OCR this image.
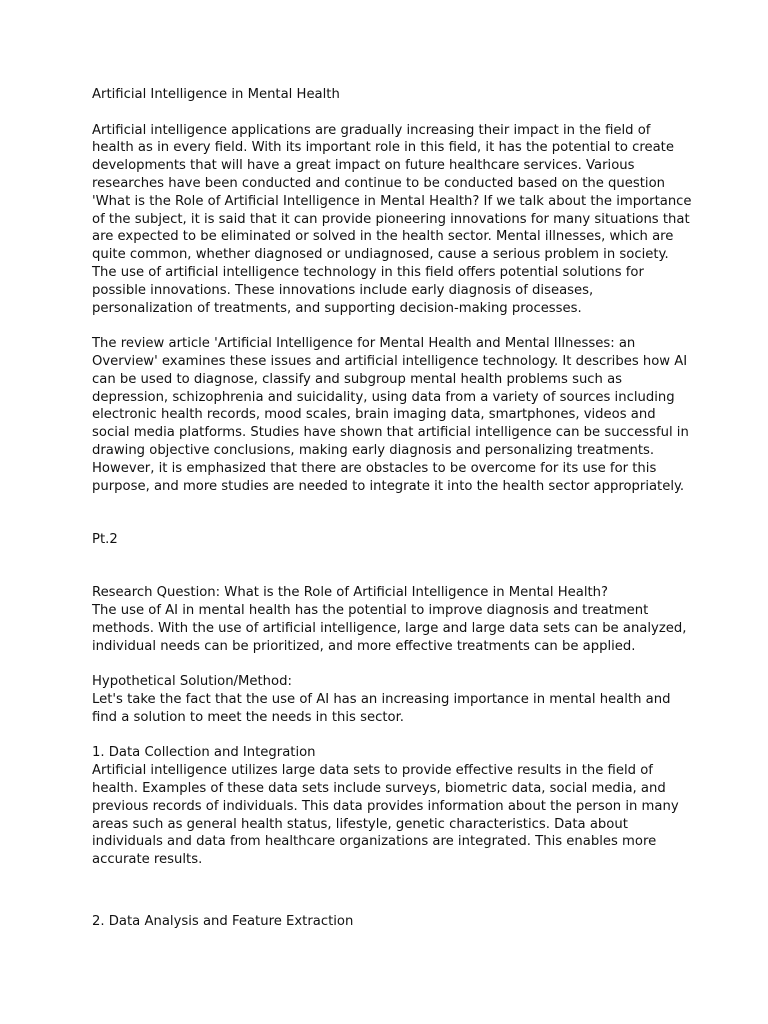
Artificial Intelligence in Mental Health

Artificial intelligence applications are gradually increasing their impact in the field of health as in every field. With its important role in this field, it has the potential to create developments that will have a great impact on future healthcare services. Various researches have been conducted and continue to be conducted based on the question 'What is the Role of Artificial Intelligence in Mental Health? If we talk about the importance of the subject, it is said that it can provide pioneering innovations for many situations that are expected to be eliminated or solved in the health sector. Mental illnesses, which are quite common, whether diagnosed or undiagnosed, cause a serious problem in society. The use of artificial intelligence technology in this field offers potential solutions for possible innovations. These innovations include early diagnosis of diseases, personalization of treatments, and supporting decision-making processes.

The review article 'Artificial Intelligence for Mental Health and Mental Illnesses: an Overview' examines these issues and artificial intelligence technology. It describes how AI can be used to diagnose, classify and subgroup mental health problems such as depression, schizophrenia and suicidality, using data from a variety of sources including electronic health records, mood scales, brain imaging data, smartphones, videos and social media platforms. Studies have shown that artificial intelligence can be successful in drawing objective conclusions, making early diagnosis and personalizing treatments. However, it is emphasized that there are obstacles to be overcome for its use for this purpose, and more studies are needed to integrate it into the health sector appropriately.

Pt.2

Research Question: What is the Role of Artificial Intelligence in Mental Health?

The use of AI in mental health has the potential to improve diagnosis and treatment methods. With the use of artificial intelligence, large and large data sets can be analyzed, individual needs can be prioritized, and more effective treatments can be applied.

Hypothetical Solution/Method:

Let's take the fact that the use of AI has an increasing importance in mental health and find a solution to meet the needs in this sector.

1. Data Collection and Integration

Artificial intelligence utilizes large data sets to provide effective results in the field of health. Examples of these data sets include surveys, biometric data, social media, and previous records of individuals. This data provides information about the person in many areas such as general health status, lifestyle, genetic characteristics. Data about individuals and data from healthcare organizations are integrated. This enables more accurate results.

2. Data Analysis and Feature Extraction
